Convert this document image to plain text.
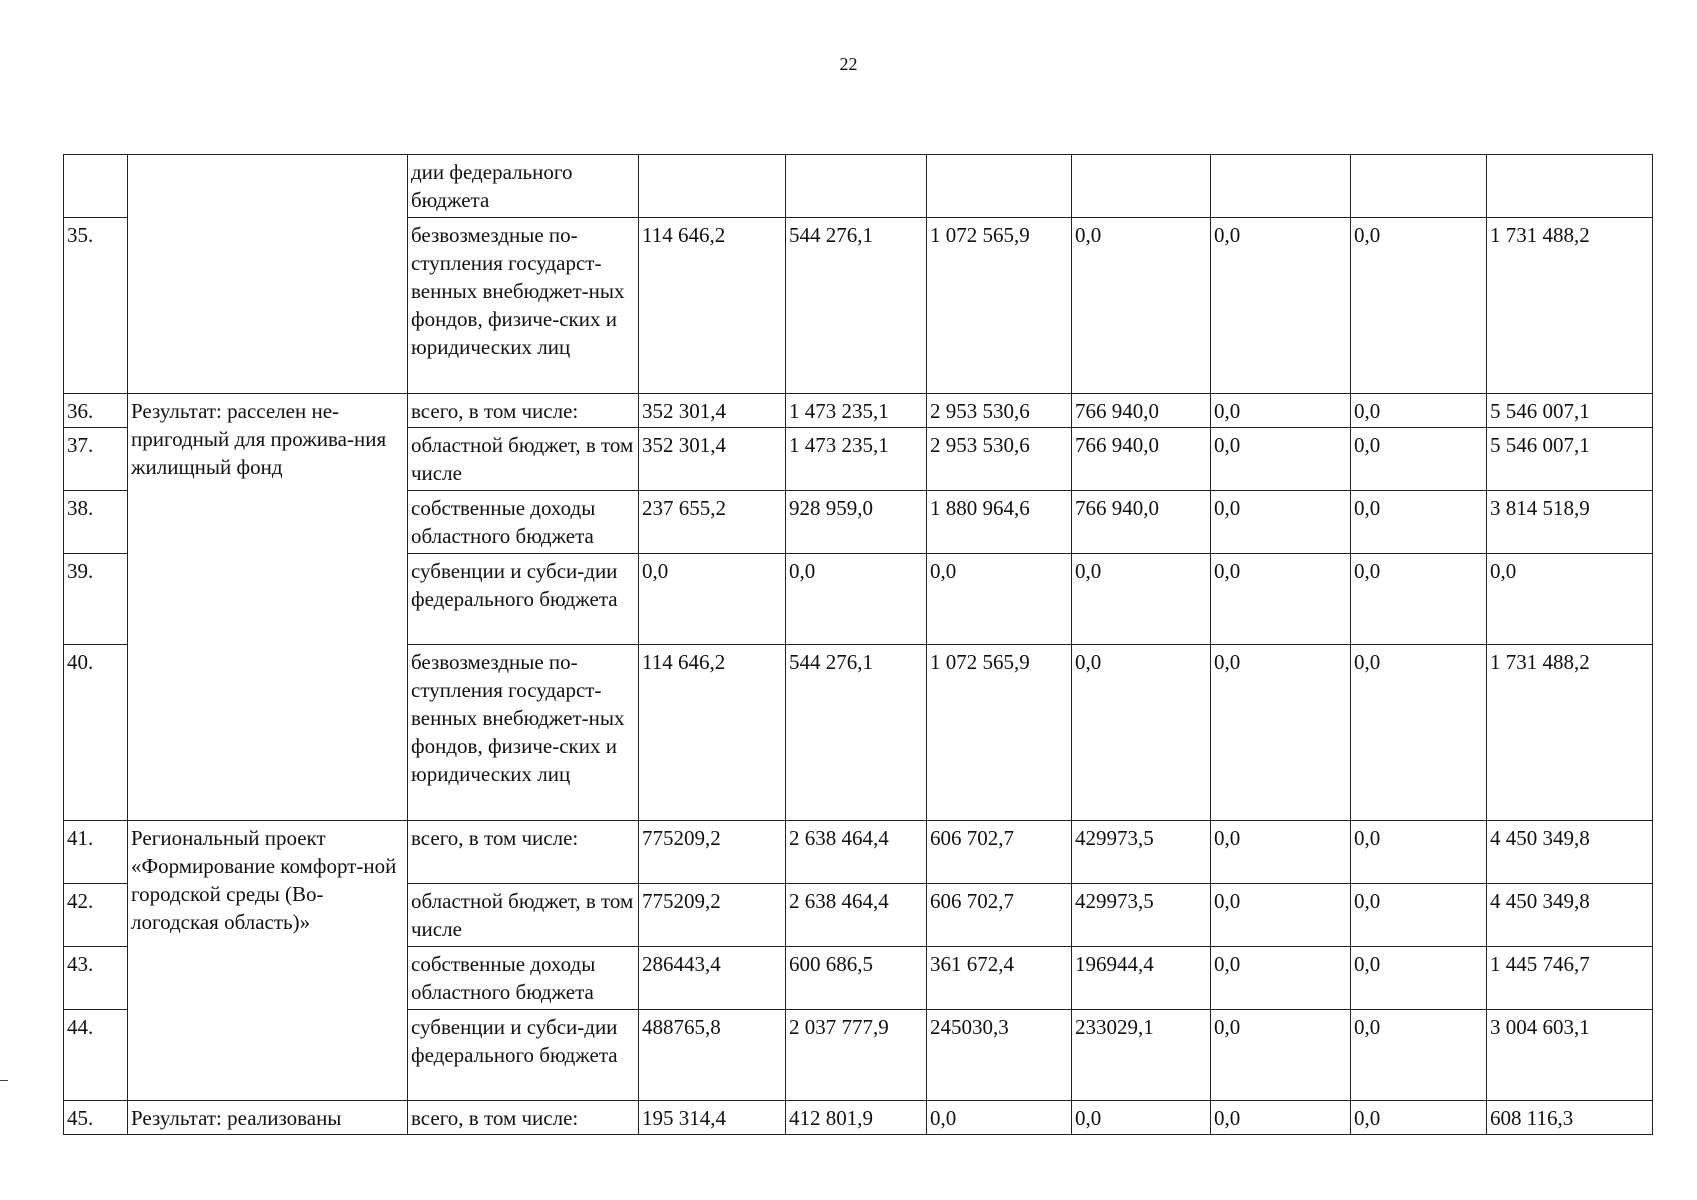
22
		дии федерального бюджета							
35.		безвозмездные по-ступления государст-венных внебюджет-ных фондов, физиче-ских и юридических лиц	114 646,2	544 276,1	1 072 565,9	0,0	0,0	0,0	1 731 488,2
36.	Результат: расселен не-пригодный для прожива-ния жилищный фонд	всего, в том числе:	352 301,4	1 473 235,1	2 953 530,6	766 940,0	0,0	0,0	5 546 007,1
37.		областной бюджет, в том числе	352 301,4	1 473 235,1	2 953 530,6	766 940,0	0,0	0,0	5 546 007,1
38.		собственные доходы областного бюджета	237 655,2	928 959,0	1 880 964,6	766 940,0	0,0	0,0	3 814 518,9
39.		субвенции и субси-дии федерального бюджета	0,0	0,0	0,0	0,0	0,0	0,0	0,0
40.		безвозмездные по-ступления государст-венных внебюджет-ных фондов, физиче-ских и юридических лиц	114 646,2	544 276,1	1 072 565,9	0,0	0,0	0,0	1 731 488,2
41.	Региональный проект «Формирование комфорт-ной городской среды (Во-логодская область)»	всего, в том числе:	775209,2	2 638 464,4	606 702,7	429973,5	0,0	0,0	4 450 349,8
42.		областной бюджет, в том числе	775209,2	2 638 464,4	606 702,7	429973,5	0,0	0,0	4 450 349,8
43.		собственные доходы областного бюджета	286443,4	600 686,5	361 672,4	196944,4	0,0	0,0	1 445 746,7
44.		субвенции и субси-дии федерального бюджета	488765,8	2 037 777,9	245030,3	233029,1	0,0	0,0	3 004 603,1
45.	Результат: реализованы	всего, в том числе:	195 314,4	412 801,9	0,0	0,0	0,0	0,0	608 116,3
